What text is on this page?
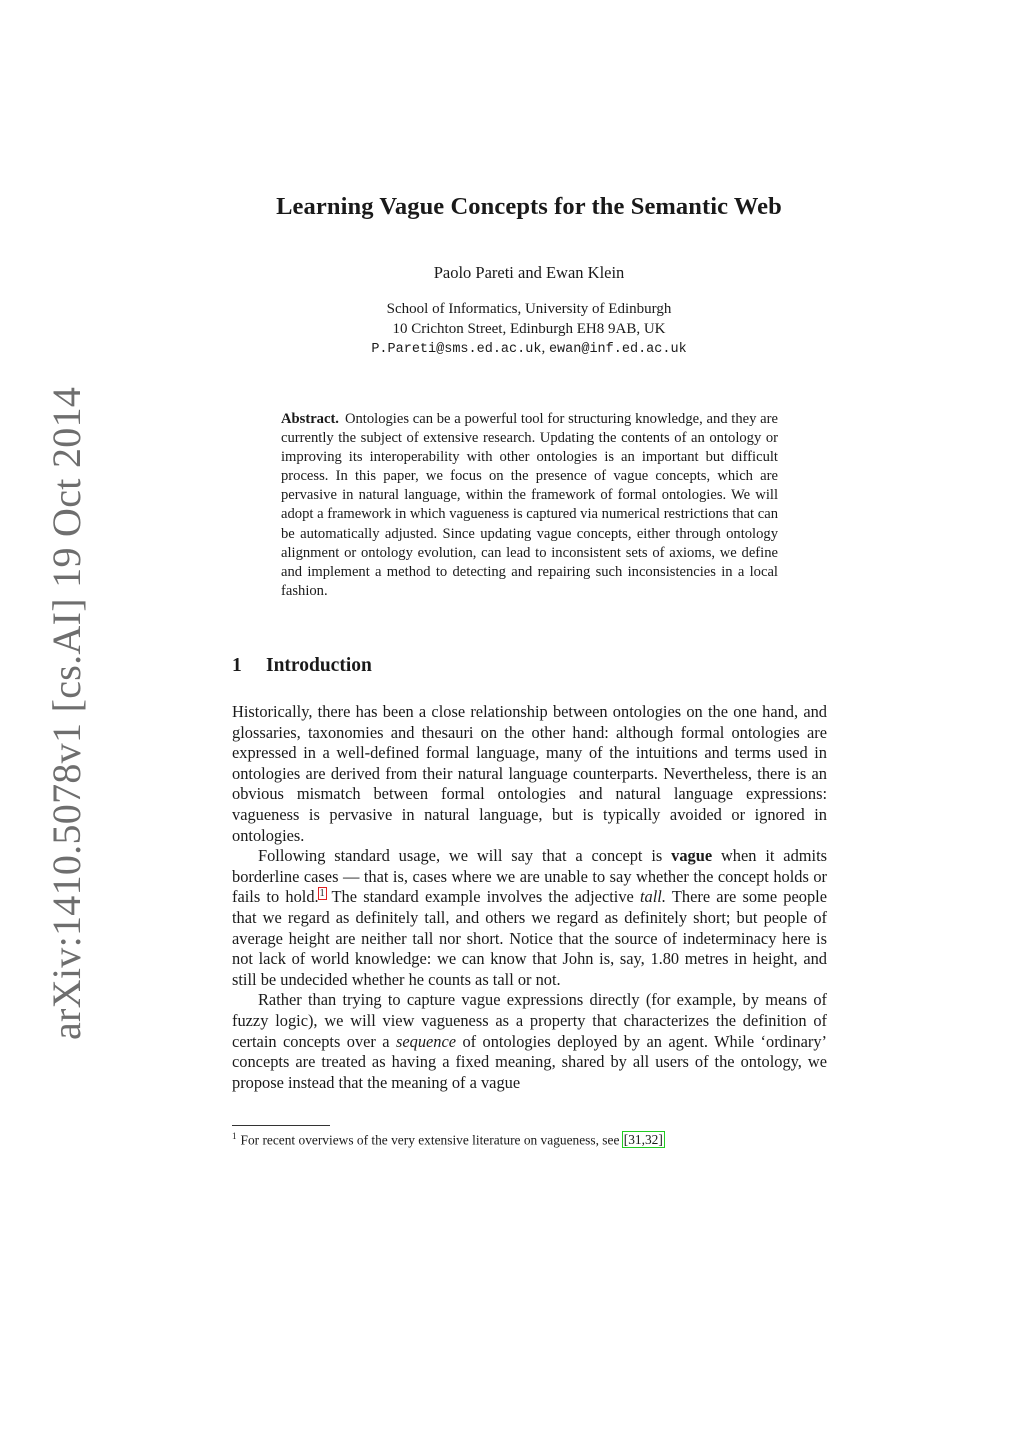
arXiv:1410.5078v1 [cs.AI] 19 Oct 2014
Learning Vague Concepts for the Semantic Web
Paolo Pareti and Ewan Klein
School of Informatics, University of Edinburgh
10 Crichton Street, Edinburgh EH8 9AB, UK
P.Pareti@sms.ed.ac.uk, ewan@inf.ed.ac.uk
Abstract. Ontologies can be a powerful tool for structuring knowledge, and they are currently the subject of extensive research. Updating the contents of an ontology or improving its interoperability with other ontologies is an important but difficult process. In this paper, we focus on the presence of vague concepts, which are pervasive in natural language, within the framework of formal ontologies. We will adopt a framework in which vagueness is captured via numerical restrictions that can be automatically adjusted. Since updating vague concepts, either through ontology alignment or ontology evolution, can lead to inconsistent sets of axioms, we define and implement a method to detecting and repairing such inconsistencies in a local fashion.
1 Introduction

Historically, there has been a close relationship between ontologies on the one hand, and glossaries, taxonomies and thesauri on the other hand: although formal ontologies are expressed in a well-defined formal language, many of the intuitions and terms used in ontologies are derived from their natural language counterparts. Nevertheless, there is an obvious mismatch between formal ontologies and natural language expressions: vagueness is pervasive in natural language, but is typically avoided or ignored in ontologies.

Following standard usage, we will say that a concept is vague when it admits borderline cases — that is, cases where we are unable to say whether the concept holds or fails to hold.$^1$ The standard example involves the adjective tall. There are some people that we regard as definitely tall, and others we regard as definitely short; but people of average height are neither tall nor short. Notice that the source of indeterminacy here is not lack of world knowledge: we can know that John is, say, 1.80 metres in height, and still be undecided whether he counts as tall or not.

Rather than trying to capture vague expressions directly (for example, by means of fuzzy logic), we will view vagueness as a property that characterizes the definition of certain concepts over a sequence of ontologies deployed by an agent. While ‘ordinary’ concepts are treated as having a fixed meaning, shared by all users of the ontology, we propose instead that the meaning of a vague

$^1$ For recent overviews of the very extensive literature on vagueness, see [31,32]
